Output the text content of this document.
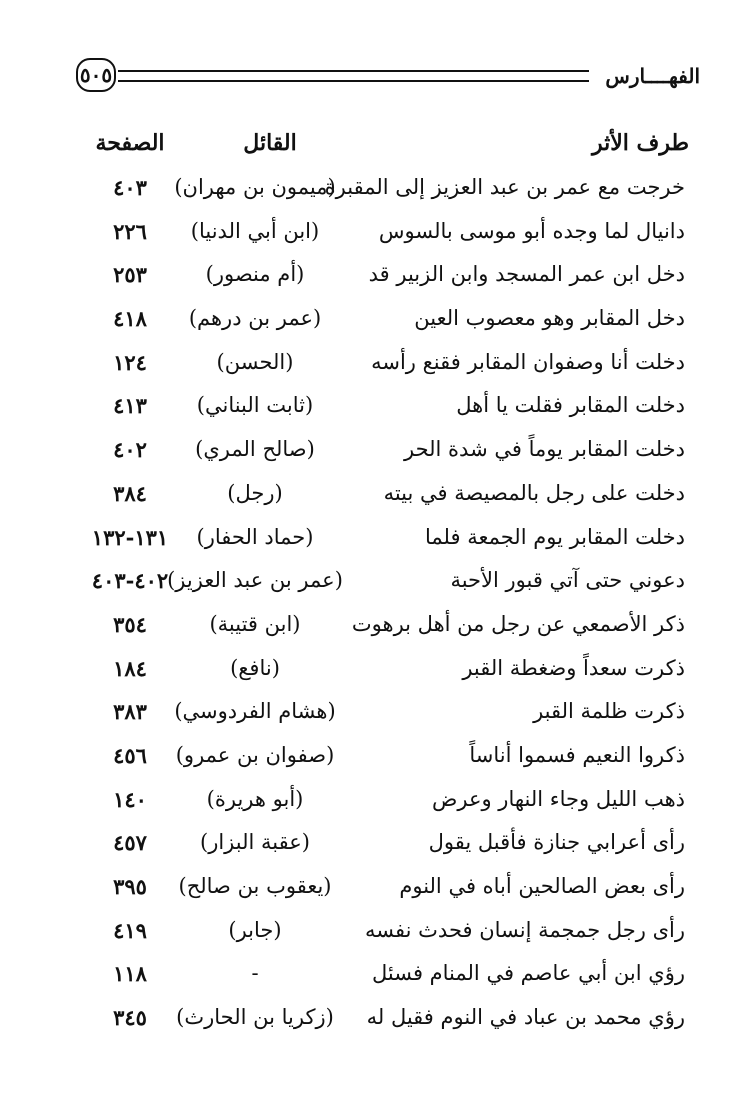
٥٠٥	الفهــــارس
طرف الأثر
القائل
الصفحة
خرجت مع عمر بن عبد العزيز إلى المقبرة
(ميمون بن مهران)
٤٠٣
دانيال لما وجده أبو موسى بالسوس
(ابن أبي الدنيا)
٢٢٦
دخل ابن عمر المسجد وابن الزبير قد
(أم منصور)
٢٥٣
دخل المقابر وهو معصوب العين
(عمر بن درهم)
٤١٨
دخلت أنا وصفوان المقابر فقنع رأسه
(الحسن)
١٢٤
دخلت المقابر فقلت يا أهل
(ثابت البناني)
٤١٣
دخلت المقابر يوماً في شدة الحر
(صالح المري)
٤٠٢
دخلت على رجل بالمصيصة في بيته
(رجل)
٣٨٤
دخلت المقابر يوم الجمعة فلما
(حماد الحفار)
١٣١-١٣٢
دعوني حتى آتي قبور الأحبة
(عمر بن عبد العزيز)
٤٠٢-٤٠٣
ذكر الأصمعي عن رجل من أهل برهوت
(ابن قتيبة)
٣٥٤
ذكرت سعداً وضغطة القبر
(نافع)
١٨٤
ذكرت ظلمة القبر
(هشام الفردوسي)
٣٨٣
ذكروا النعيم فسموا أناساً
(صفوان بن عمرو)
٤٥٦
ذهب الليل وجاء النهار وعرض
(أبو هريرة)
١٤٠
رأى أعرابي جنازة فأقبل يقول
(عقبة البزار)
٤٥٧
رأى بعض الصالحين أباه في النوم
(يعقوب بن صالح)
٣٩٥
رأى رجل جمجمة إنسان فحدث نفسه
(جابر)
٤١٩
رؤي ابن أبي عاصم في المنام فسئل
-
١١٨
رؤي محمد بن عباد في النوم فقيل له
(زكريا بن الحارث)
٣٤٥
